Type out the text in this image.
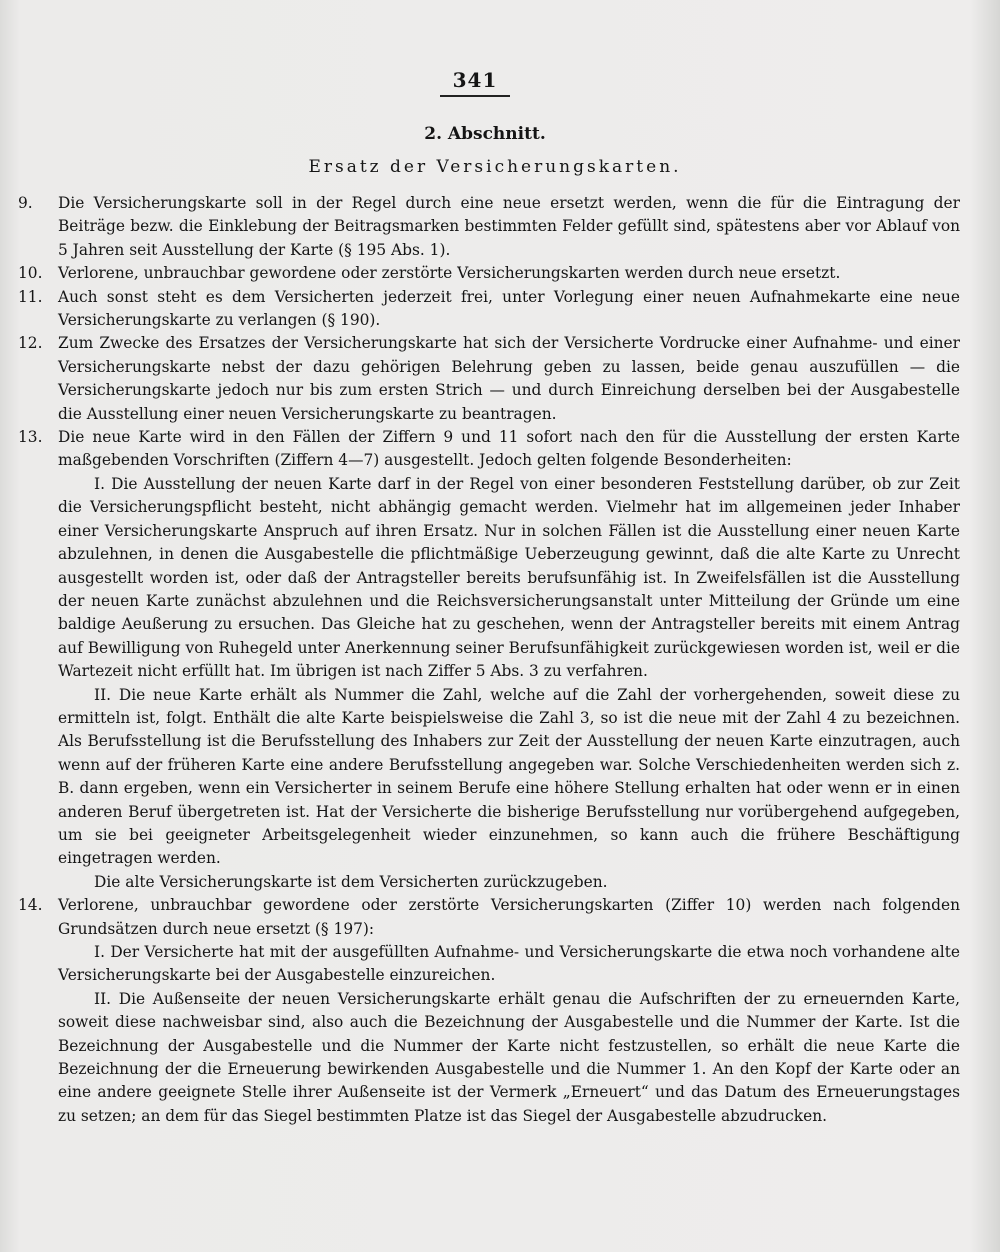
341
2. Abschnitt.
Ersatz der Versicherungskarten.
9.	Die Versicherungskarte soll in der Regel durch eine neue ersetzt werden, wenn die für die Eintragung der Beiträge bezw. die Einklebung der Beitragsmarken bestimmten Felder gefüllt sind, spätestens aber vor Ablauf von 5 Jahren seit Ausstellung der Karte (§ 195 Abs. 1).
10.	Verlorene, unbrauchbar gewordene oder zerstörte Versicherungskarten werden durch neue ersetzt.
11.	Auch sonst steht es dem Versicherten jederzeit frei, unter Vorlegung einer neuen Aufnahmekarte eine neue Versicherungskarte zu verlangen (§ 190).
12.	Zum Zwecke des Ersatzes der Versicherungskarte hat sich der Versicherte Vordrucke einer Aufnahme- und einer Versicherungskarte nebst der dazu gehörigen Belehrung geben zu lassen, beide genau auszufüllen — die Versicherungskarte jedoch nur bis zum ersten Strich — und durch Einreichung derselben bei der Ausgabestelle die Ausstellung einer neuen Versicherungskarte zu beantragen.
13.	Die neue Karte wird in den Fällen der Ziffern 9 und 11 sofort nach den für die Ausstellung der ersten Karte maßgebenden Vorschriften (Ziffern 4—7) ausgestellt. Jedoch gelten folgende Besonderheiten:
I. Die Ausstellung der neuen Karte darf in der Regel von einer besonderen Feststellung darüber, ob zur Zeit die Versicherungspflicht besteht, nicht abhängig gemacht werden. Vielmehr hat im allgemeinen jeder Inhaber einer Versicherungskarte Anspruch auf ihren Ersatz. Nur in solchen Fällen ist die Ausstellung einer neuen Karte abzulehnen, in denen die Ausgabestelle die pflichtmäßige Ueberzeugung gewinnt, daß die alte Karte zu Unrecht ausgestellt worden ist, oder daß der Antragsteller bereits berufsunfähig ist. In Zweifelsfällen ist die Ausstellung der neuen Karte zunächst abzulehnen und die Reichsversicherungsanstalt unter Mitteilung der Gründe um eine baldige Aeußerung zu ersuchen. Das Gleiche hat zu geschehen, wenn der Antragsteller bereits mit einem Antrag auf Bewilligung von Ruhegeld unter Anerkennung seiner Berufsunfähigkeit zurückgewiesen worden ist, weil er die Wartezeit nicht erfüllt hat. Im übrigen ist nach Ziffer 5 Abs. 3 zu verfahren.
II. Die neue Karte erhält als Nummer die Zahl, welche auf die Zahl der vorhergehenden, soweit diese zu ermitteln ist, folgt. Enthält die alte Karte beispielsweise die Zahl 3, so ist die neue mit der Zahl 4 zu bezeichnen. Als Berufsstellung ist die Berufsstellung des Inhabers zur Zeit der Ausstellung der neuen Karte einzutragen, auch wenn auf der früheren Karte eine andere Berufsstellung angegeben war. Solche Verschiedenheiten werden sich z. B. dann ergeben, wenn ein Versicherter in seinem Berufe eine höhere Stellung erhalten hat oder wenn er in einen anderen Beruf übergetreten ist. Hat der Versicherte die bisherige Berufsstellung nur vorübergehend aufgegeben, um sie bei geeigneter Arbeitsgelegenheit wieder einzunehmen, so kann auch die frühere Beschäftigung eingetragen werden.
Die alte Versicherungskarte ist dem Versicherten zurückzugeben.
14.	Verlorene, unbrauchbar gewordene oder zerstörte Versicherungskarten (Ziffer 10) werden nach folgenden Grundsätzen durch neue ersetzt (§ 197):
I. Der Versicherte hat mit der ausgefüllten Aufnahme- und Versicherungskarte die etwa noch vorhandene alte Versicherungskarte bei der Ausgabestelle einzureichen.
II. Die Außenseite der neuen Versicherungskarte erhält genau die Aufschriften der zu erneuernden Karte, soweit diese nachweisbar sind, also auch die Bezeichnung der Ausgabestelle und die Nummer der Karte. Ist die Bezeichnung der Ausgabestelle und die Nummer der Karte nicht festzustellen, so erhält die neue Karte die Bezeichnung der die Erneuerung bewirkenden Ausgabestelle und die Nummer 1. An den Kopf der Karte oder an eine andere geeignete Stelle ihrer Außenseite ist der Vermerk „Erneuert“ und das Datum des Erneuerungstages zu setzen; an dem für das Siegel bestimmten Platze ist das Siegel der Ausgabestelle abzudrucken.
